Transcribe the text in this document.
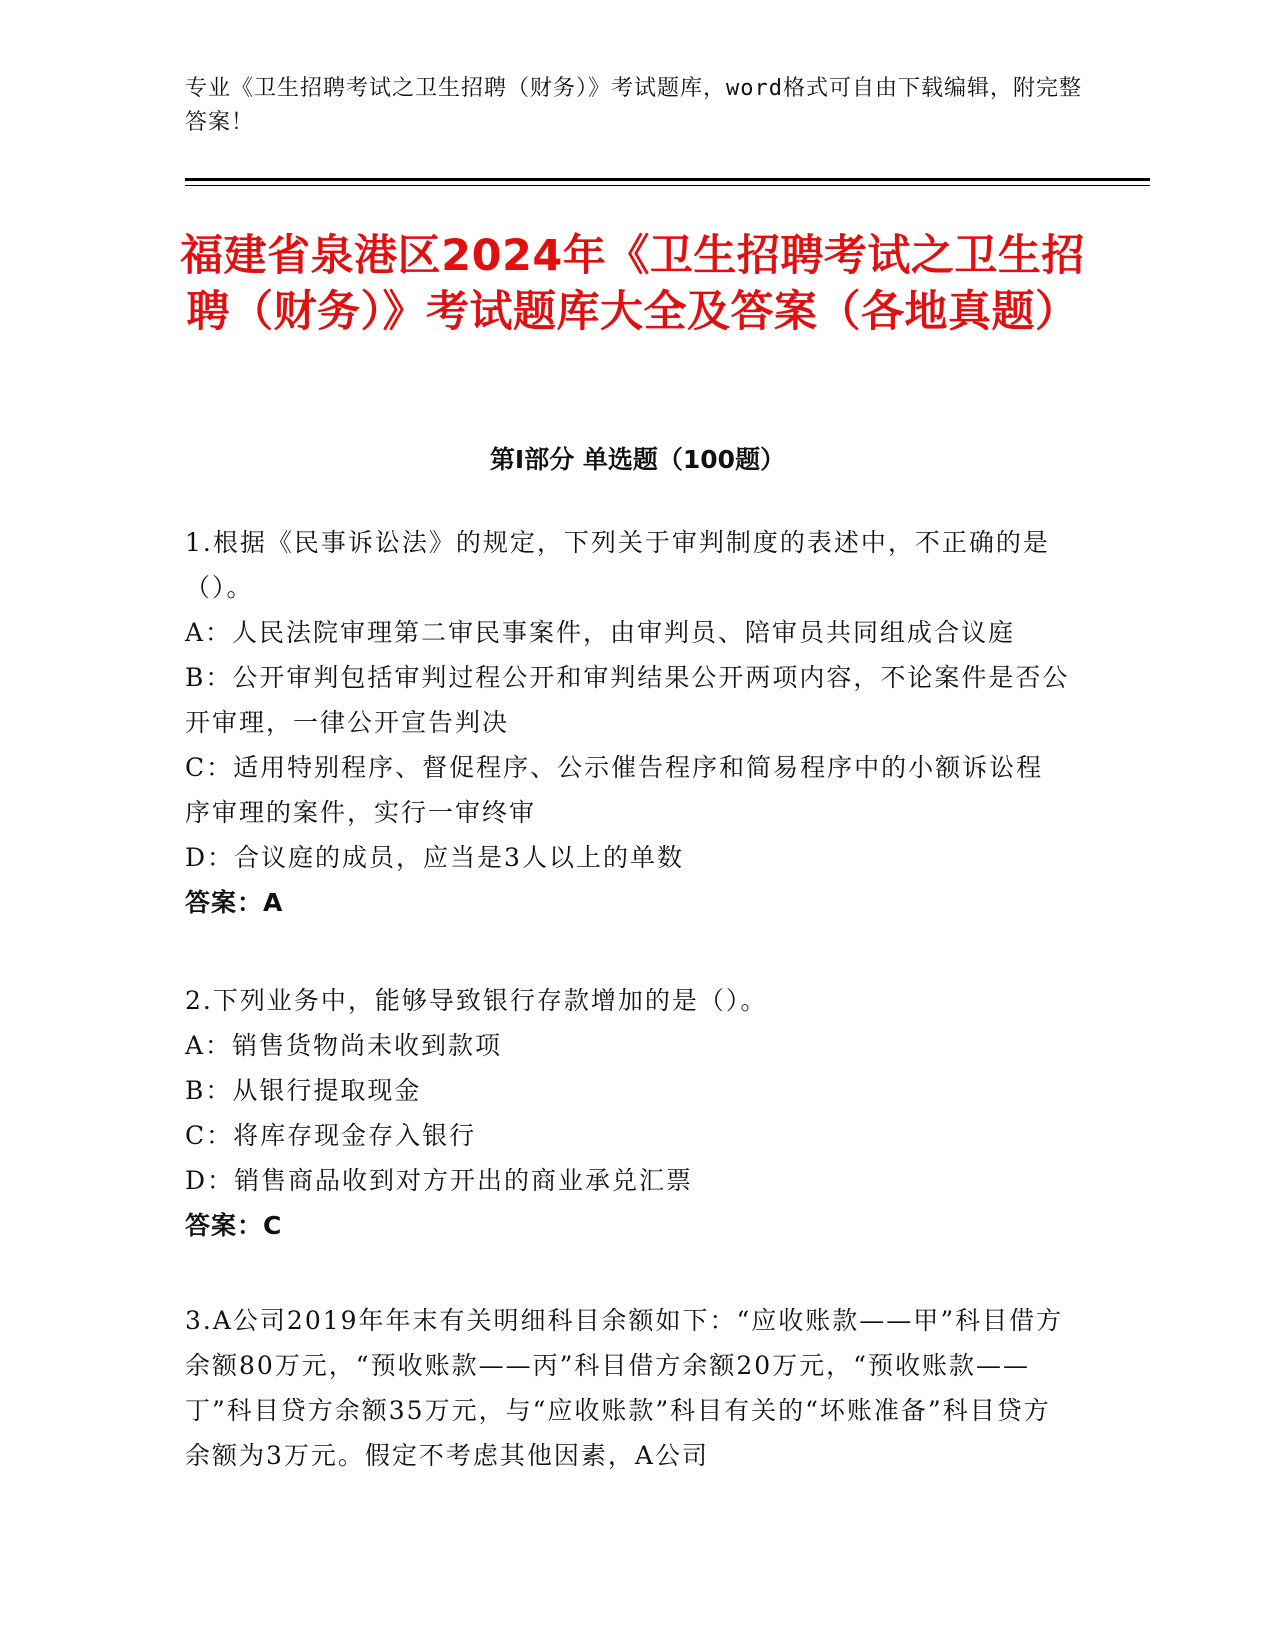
专业《卫生招聘考试之卫生招聘（财务）》考试题库，word格式可自由下载编辑，附完整答案！
福建省泉港区2024年《卫生招聘考试之卫生招聘（财务）》考试题库大全及答案（各地真题）
第Ⅰ部分 单选题（100题）

1.根据《民事诉讼法》的规定，下列关于审判制度的表述中，不正确的是（）。

A：人民法院审理第二审民事案件，由审判员、陪审员共同组成合议庭

B：公开审判包括审判过程公开和审判结果公开两项内容，不论案件是否公开审理，一律公开宣告判决

C：适用特别程序、督促程序、公示催告程序和简易程序中的小额诉讼程序审理的案件，实行一审终审

D：合议庭的成员，应当是3人以上的单数

答案：A

2.下列业务中，能够导致银行存款增加的是（）。

A：销售货物尚未收到款项

B：从银行提取现金

C：将库存现金存入银行

D：销售商品收到对方开出的商业承兑汇票

答案：C

3.A公司2019年年末有关明细科目余额如下：“应收账款——甲”科目借方余额80万元，“预收账款——丙”科目借方余额20万元，“预收账款——丁”科目贷方余额35万元，与“应收账款”科目有关的“坏账准备”科目贷方余额为3万元。假定不考虑其他因素，A公司
